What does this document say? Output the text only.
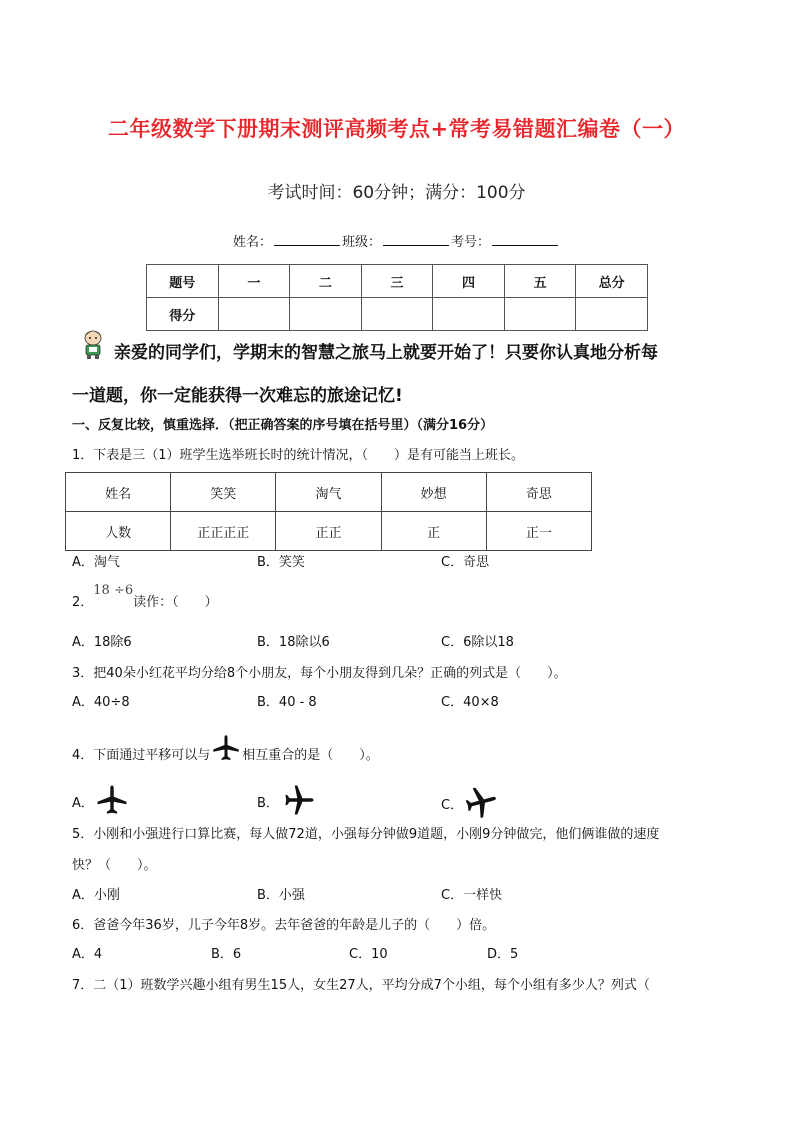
二年级数学下册期末测评高频考点+常考易错题汇编卷（一）
考试时间：60分钟；满分：100分
姓名：	班级：	考号：
题号	一	二	三	四	五	总分
得分						
亲爱的同学们，学期末的智慧之旅马上就要开始了！只要你认真地分析每
一道题，你一定能获得一次难忘的旅途记忆!
一、反复比较，慎重选择．（把正确答案的序号填在括号里）（满分16分）
1．下表是三（1）班学生选举班长时的统计情况，（　　）是有可能当上班长。
姓名	笑笑	淘气	妙想	奇思
人数	正正正正	正正	正	正一
A．淘气	B．笑笑	C．奇思
2．18 ÷6读作：（　　）
A．18除6	B．18除以6	C．6除以18
3．把40朵小红花平均分给8个小朋友，每个小朋友得到几朵？正确的列式是（　　）。
A．40÷8	B．40 - 8	C．40×8
4．下面通过平移可以与 相互重合的是（　　）。
A．	B．	C．
5．小刚和小强进行口算比赛，每人做72道，小强每分钟做9道题，小刚9分钟做完，他们俩谁做的速度
快？（　　）。
A．小刚	B．小强	C．一样快
6．爸爸今年36岁，儿子今年8岁。去年爸爸的年龄是儿子的（　　）倍。
A．4	B．6	C．10	D．5
7．二（1）班数学兴趣小组有男生15人，女生27人，平均分成7个小组，每个小组有多少人？列式（
